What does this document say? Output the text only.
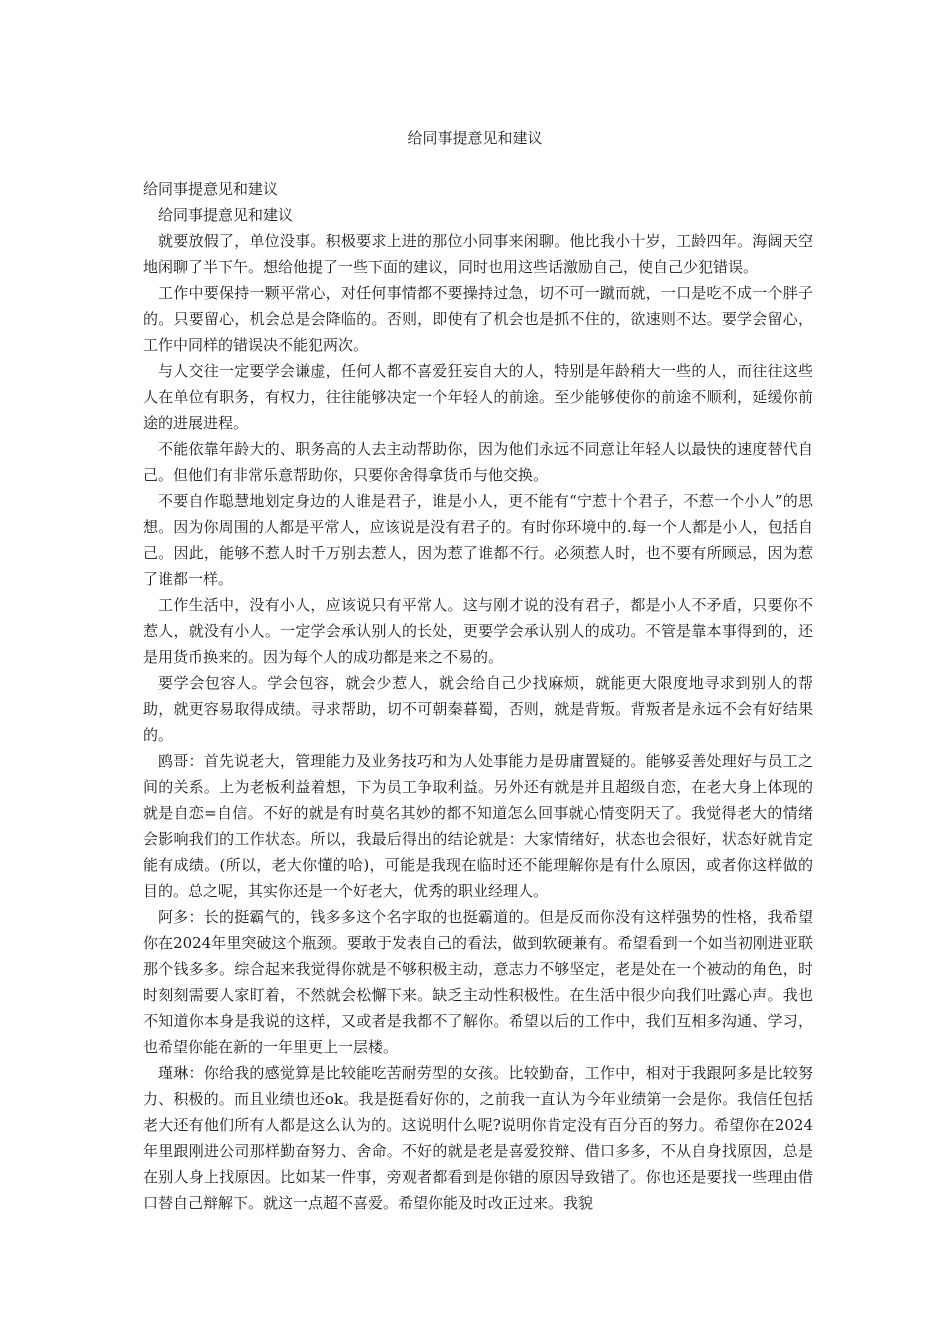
给同事提意见和建议

给同事提意见和建议

给同事提意见和建议

就要放假了，单位没事。积极要求上进的那位小同事来闲聊。他比我小十岁，工龄四年。海阔天空地闲聊了半下午。想给他提了一些下面的建议，同时也用这些话激励自己，使自己少犯错误。

工作中要保持一颗平常心，对任何事情都不要操持过急，切不可一蹴而就，一口是吃不成一个胖子的。只要留心，机会总是会降临的。否则，即使有了机会也是抓不住的，欲速则不达。要学会留心，工作中同样的错误决不能犯两次。

与人交往一定要学会谦虚，任何人都不喜爱狂妄自大的人，特别是年龄稍大一些的人，而往往这些人在单位有职务，有权力，往往能够决定一个年轻人的前途。至少能够使你的前途不顺利，延缓你前途的进展进程。

不能依靠年龄大的、职务高的人去主动帮助你，因为他们永远不同意让年轻人以最快的速度替代自己。但他们有非常乐意帮助你，只要你舍得拿货币与他交换。

不要自作聪慧地划定身边的人谁是君子，谁是小人，更不能有“宁惹十个君子，不惹一个小人”的思想。因为你周围的人都是平常人，应该说是没有君子的。有时你环境中的.每一个人都是小人，包括自己。因此，能够不惹人时千万别去惹人，因为惹了谁都不行。必须惹人时，也不要有所顾忌，因为惹了谁都一样。

工作生活中，没有小人，应该说只有平常人。这与刚才说的没有君子，都是小人不矛盾，只要你不惹人，就没有小人。一定学会承认别人的长处，更要学会承认别人的成功。不管是靠本事得到的，还是用货币换来的。因为每个人的成功都是来之不易的。

要学会包容人。学会包容，就会少惹人，就会给自己少找麻烦，就能更大限度地寻求到别人的帮助，就更容易取得成绩。寻求帮助，切不可朝秦暮蜀，否则，就是背叛。背叛者是永远不会有好结果的。

鸥哥：首先说老大，管理能力及业务技巧和为人处事能力是毋庸置疑的。能够妥善处理好与员工之间的关系。上为老板利益着想，下为员工争取利益。另外还有就是并且超级自恋，在老大身上体现的就是自恋=自信。不好的就是有时莫名其妙的都不知道怎么回事就心情变阴天了。我觉得老大的情绪会影响我们的工作状态。所以，我最后得出的结论就是：大家情绪好，状态也会很好，状态好就肯定能有成绩。(所以，老大你懂的哈)，可能是我现在临时还不能理解你是有什么原因，或者你这样做的目的。总之呢，其实你还是一个好老大，优秀的职业经理人。

阿多：长的挺霸气的，钱多多这个名字取的也挺霸道的。但是反而你没有这样强势的性格，我希望你在2024年里突破这个瓶颈。要敢于发表自己的看法，做到软硬兼有。希望看到一个如当初刚进亚联那个钱多多。综合起来我觉得你就是不够积极主动，意志力不够坚定，老是处在一个被动的角色，时时刻刻需要人家盯着，不然就会松懈下来。缺乏主动性积极性。在生活中很少向我们吐露心声。我也不知道你本身是我说的这样，又或者是我都不了解你。希望以后的工作中，我们互相多沟通、学习，也希望你能在新的一年里更上一层楼。

瑾琳：你给我的感觉算是比较能吃苦耐劳型的女孩。比较勤奋，工作中，相对于我跟阿多是比较努力、积极的。而且业绩也还ok。我是挺看好你的，之前我一直认为今年业绩第一会是你。我信任包括老大还有他们所有人都是这么认为的。这说明什么呢?说明你肯定没有百分百的努力。希望你在2024年里跟刚进公司那样勤奋努力、舍命。不好的就是老是喜爱狡辩、借口多多，不从自身找原因，总是在别人身上找原因。比如某一件事，旁观者都看到是你错的原因导致错了。你也还是要找一些理由借口替自己辩解下。就这一点超不喜爱。希望你能及时改正过来。我貌
